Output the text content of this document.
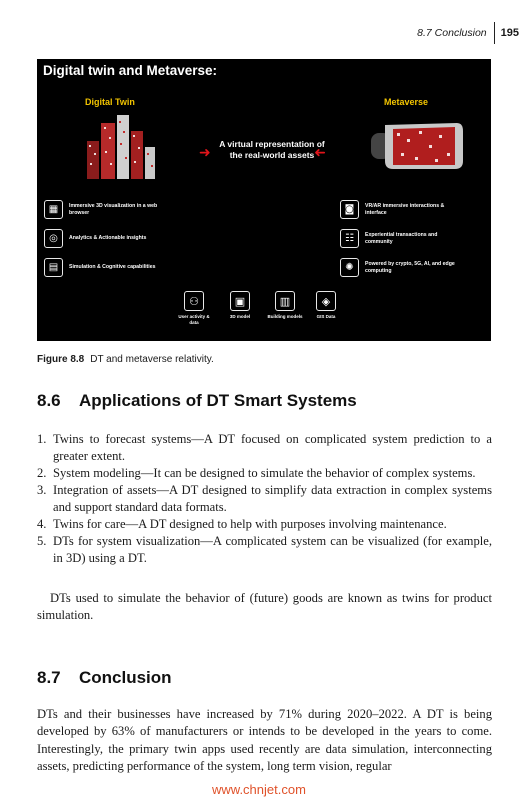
8.7 Conclusion	195
Digital twin and Metaverse:
Digital Twin	Metaverse
➜
A virtual representation of the real-world assets ➜
▦	Immersive 3D visualization in a web browser
◎	Analytics & Actionable insights
▤	Simulation & Cognitive capabilities
◙	VR/AR immersive interactions & interface
☷	Experiential transactions and community
✺	Powered by crypto, 5G, AI, and edge computing
⚇
User activity & data
▣
3D model
▥
Building models
◈
GIS Data
Figure 8.8 DT and metaverse relativity.
8.6 Applications of DT Smart Systems
1. Twins to forecast systems—A DT focused on complicated system prediction to a greater extent.
2. System modeling—It can be designed to simulate the behavior of complex systems.
3. Integration of assets—A DT designed to simplify data extraction in complex systems and support standard data formats.
4. Twins for care—A DT designed to help with purposes involving maintenance.
5. DTs for system visualization—A complicated system can be visualized (for example, in 3D) using a DT.

DTs used to simulate the behavior of (future) goods are known as twins for product simulation.

8.7 Conclusion

DTs and their businesses have increased by 71% during 2020–2022. A DT is being developed by 63% of manufacturers or intends to be developed in the years to come. Interestingly, the primary twin apps used recently are data simulation, interconnecting assets, predicting performance of the system, long term vision, regular

www.chnjet.com
